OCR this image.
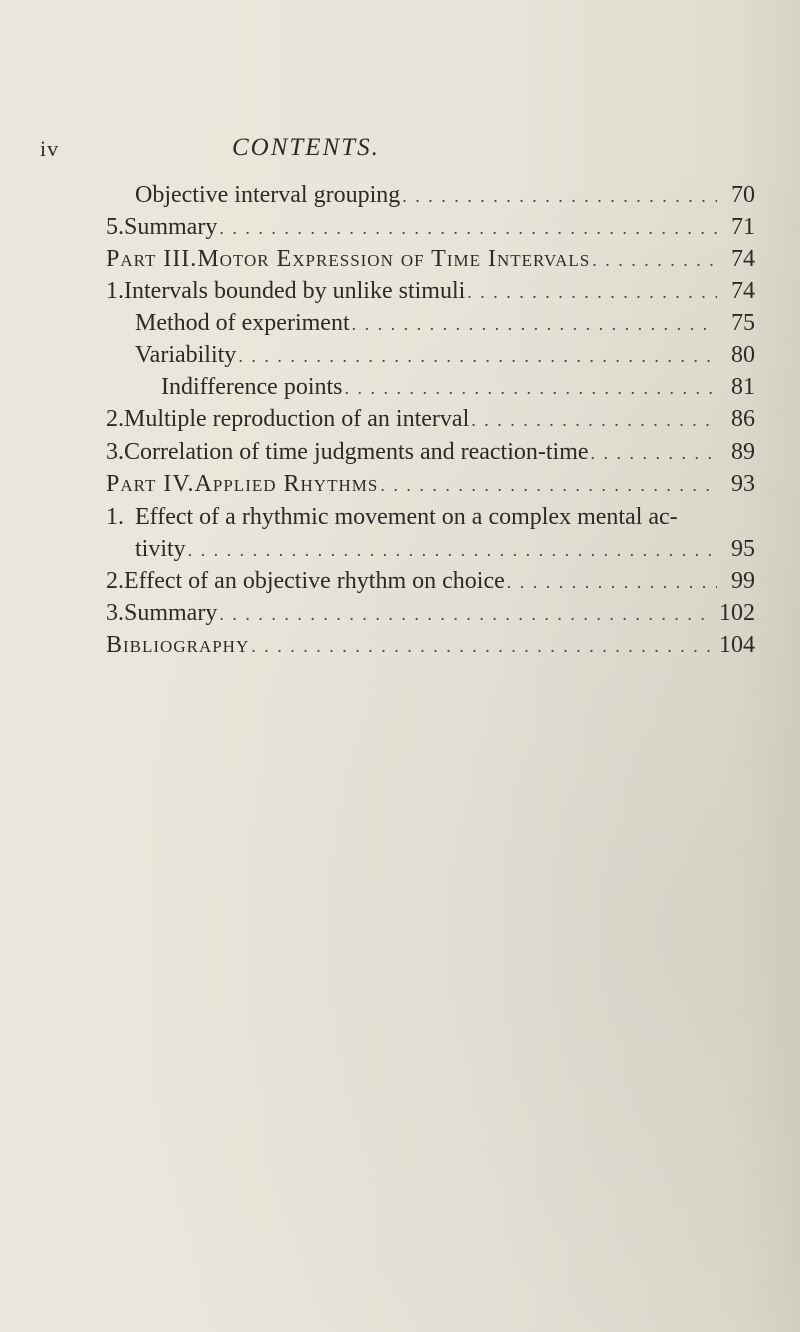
iv	CONTENTS.
Objective interval grouping . . .	70
5. Summary . . .	71
Part III. Motor Expression of Time Intervals . . .	74
1. Intervals bounded by unlike stimuli . . .	74
Method of experiment . . .	75
Variability . . .	80
Indifference points . . .	81
2. Multiple reproduction of an interval . . .	86
3. Correlation of time judgments and reaction-time . . .	89
Part IV. Applied Rhythms . . .	93
1. Effect of a rhythmic movement on a complex mental ac-
tivity . . .	95
2. Effect of an objective rhythm on choice . . .	99
3. Summary . . .	102
Bibliography . . .	104
